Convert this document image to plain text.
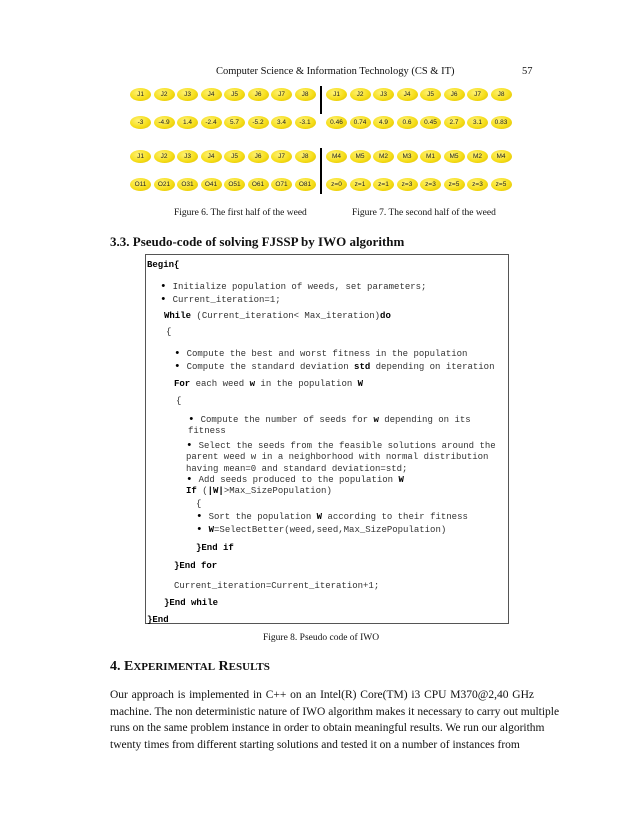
Computer Science & Information Technology (CS & IT)	57
J1	J2	J3	J4	J5	J6	J7	J8	J1	J2	J3	J4	J5	J6	J7	J8
-3	-4.9	1.4	-2.4	5.7	-5.2	3.4	-3.1	0.46	0.74	4.9	0.6	0.45	2.7	3.1	0.83
J1	J2	J3	J4	J5	J6	J7	J8	M4	M5	M2	M3	M1	M5	M2	M4
O11	O21	O31	O41	O51	O61	O71	O81	z=0	z=1	z=1	z=3	z=3	z=5	z=3	z=5
Figure 6. The first half of the weed	Figure 7. The second half of the weed
3.3. Pseudo-code of solving FJSSP by IWO algorithm
Begin{
• Initialize population of weeds, set parameters;
• Current_iteration=1;
While (Current_iteration< Max_iteration)do
{
• Compute the best and worst fitness in the population
• Compute the standard deviation std depending on iteration
For each weed w in the population W
{
• Compute the number of seeds for w depending on its
fitness
• Select the seeds from the feasible solutions around the
parent weed w in a neighborhood with normal distribution
having mean=0 and standard deviation=std;
• Add seeds produced to the population W
If (|W|>Max_SizePopulation)
{
• Sort the population W according to their fitness
• W=SelectBetter(weed,seed,Max_SizePopulation)
}End if
}End for
Current_iteration=Current_iteration+1;
}End while
}End
Figure 8. Pseudo code of IWO
4. EXPERIMENTAL RESULTS
Our approach is implemented in C++ on an Intel(R) Core(TM) i3 CPU M370@2,40 GHz
machine. The non deterministic nature of IWO algorithm makes it necessary to carry out multiple
runs on the same problem instance in order to obtain meaningful results. We run our algorithm
twenty times from different starting solutions and tested it on a number of instances from
